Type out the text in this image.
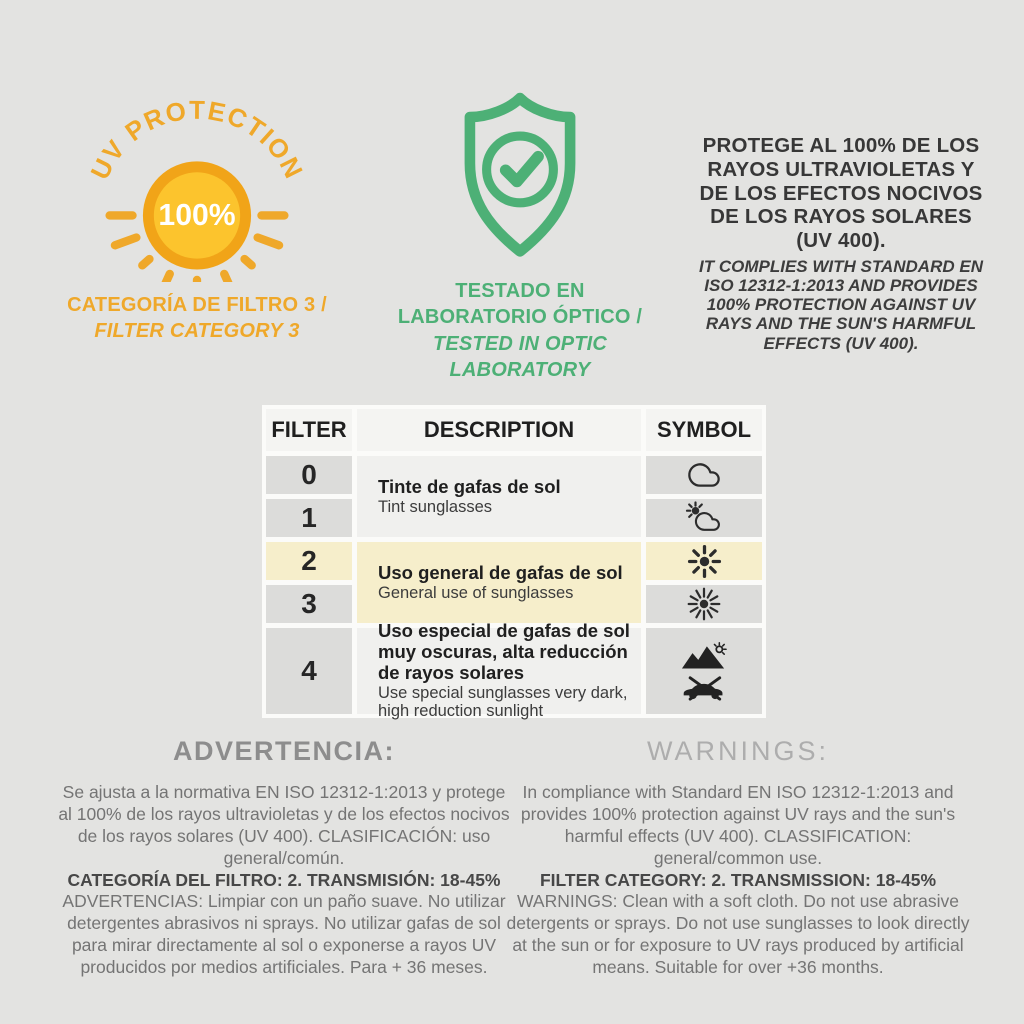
UV PROTECTION
100%
CATEGORÍA DE FILTRO 3 /
FILTER CATEGORY 3
TESTADO EN LABORATORIO ÓPTICO / TESTED IN OPTIC LABORATORY
PROTEGE AL 100% DE LOS RAYOS ULTRAVIOLETAS Y DE LOS EFECTOS NOCIVOS DE LOS RAYOS SOLARES (UV 400).
IT COMPLIES WITH STANDARD EN ISO 12312-1:2013 AND PROVIDES 100% PROTECTION AGAINST UV RAYS AND THE SUN'S HARMFUL EFFECTS (UV 400).
FILTER	DESCRIPTION	SYMBOL
0
1
2
3
4
Tinte de gafas de sol
Tint sunglasses
Uso general de gafas de sol
General use of sunglasses
Uso especial de gafas de sol muy oscuras, alta reducción de rayos solares
Use special sunglasses very dark, high reduction sunlight
ADVERTENCIA:

Se ajusta a la normativa EN ISO 12312-1:2013 y protege al 100% de los rayos ultravioletas y de los efectos nocivos de los rayos solares (UV 400). CLASIFICACIÓN: uso general/común.

CATEGORÍA DEL FILTRO: 2. TRANSMISIÓN: 18-45%

ADVERTENCIAS: Limpiar con un paño suave. No utilizar detergentes abrasivos ni sprays. No utilizar gafas de sol para mirar directamente al sol o exponerse a rayos UV producidos por medios artificiales. Para + 36 meses.

WARNINGS:

In compliance with Standard EN ISO 12312-1:2013 and provides 100% protection against UV rays and the sun's harmful effects (UV 400). CLASSIFICATION: general/common use.

FILTER CATEGORY: 2. TRANSMISSION: 18-45%

WARNINGS: Clean with a soft cloth. Do not use abrasive detergents or sprays. Do not use sunglasses to look directly at the sun or for exposure to UV rays produced by artificial means. Suitable for over +36 months.
